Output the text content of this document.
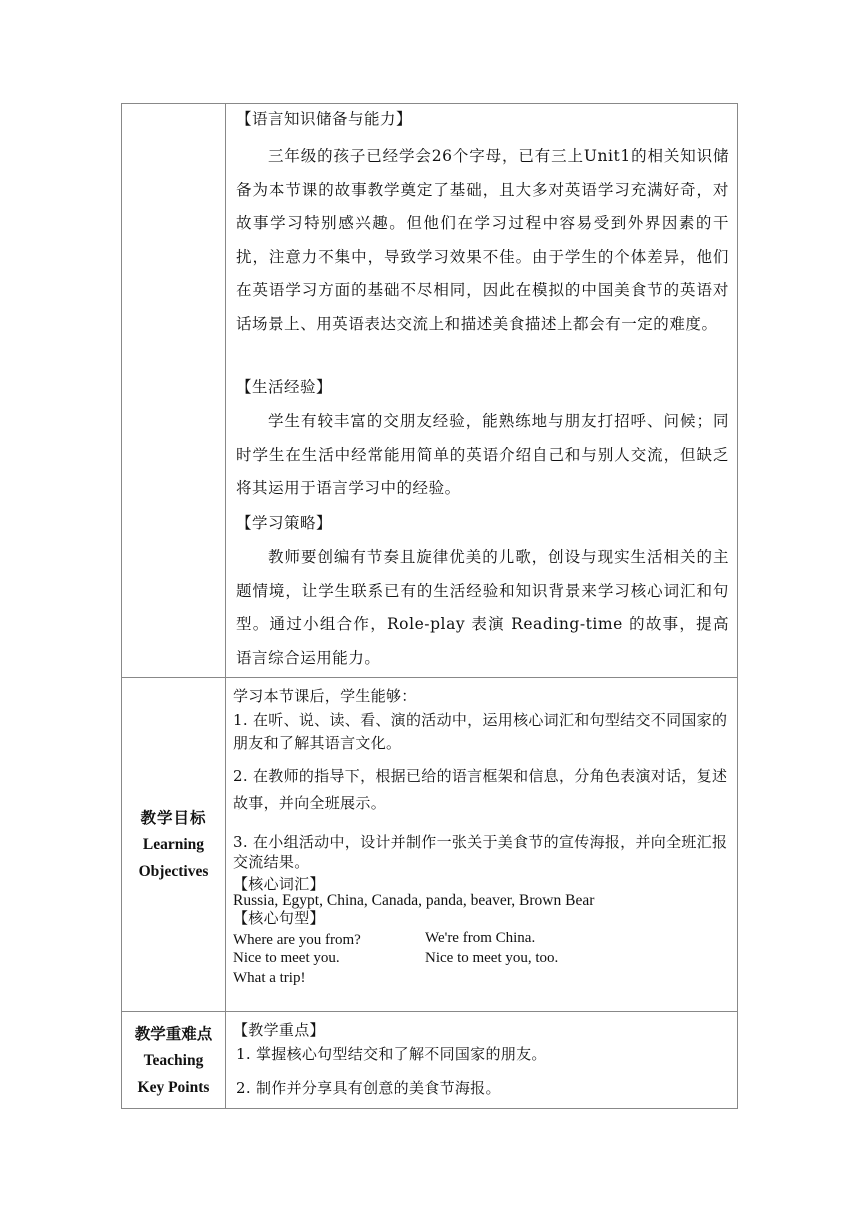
【语言知识储备与能力】
三年级的孩子已经学会26个字母，已有三上Unit1的相关知识储备为本节课的故事教学奠定了基础，且大多对英语学习充满好奇，对故事学习特别感兴趣。但他们在学习过程中容易受到外界因素的干扰，注意力不集中，导致学习效果不佳。由于学生的个体差异，他们在英语学习方面的基础不尽相同，因此在模拟的中国美食节的英语对话场景上、用英语表达交流上和描述美食描述上都会有一定的难度。
【生活经验】
学生有较丰富的交朋友经验，能熟练地与朋友打招呼、问候；同时学生在生活中经常能用简单的英语介绍自己和与别人交流，但缺乏将其运用于语言学习中的经验。
【学习策略】
教师要创编有节奏且旋律优美的儿歌，创设与现实生活相关的主题情境，让学生联系已有的生活经验和知识背景来学习核心词汇和句型。通过小组合作，Role-play 表演 Reading-time 的故事，提高语言综合运用能力。
教学目标
Learning
Objectives
学习本节课后，学生能够：
1. 在听、说、读、看、演的活动中，运用核心词汇和句型结交不同国家的朋友和了解其语言文化。
2. 在教师的指导下，根据已给的语言框架和信息，分角色表演对话，复述故事，并向全班展示。
3. 在小组活动中，设计并制作一张关于美食节的宣传海报，并向全班汇报交流结果。
【核心词汇】
Russia, Egypt, China, Canada, panda, beaver, Brown Bear
【核心句型】
Where are you from?	We're from China.
Nice to meet you.	Nice to meet you, too.
What a trip!
教学重难点
Teaching
Key Points
【教学重点】
1. 掌握核心句型结交和了解不同国家的朋友。
2. 制作并分享具有创意的美食节海报。
